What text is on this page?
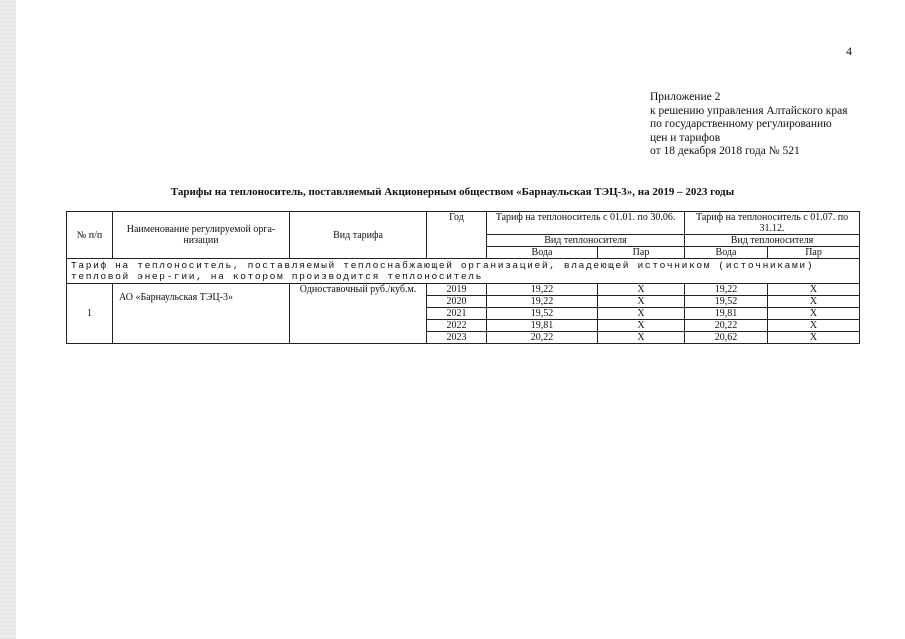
4
Приложение 2
к решению управления Алтайского края
по государственному регулированию
цен и тарифов
от 18 декабря 2018 года № 521
Тарифы на теплоноситель, поставляемый Акционерным обществом «Барнаульская ТЭЦ-3», на 2019 – 2023 годы
№ п/п	Наименование регулируемой орга-низации	Вид тарифа	Год	Тариф на теплоноситель с 01.01. по 30.06.		Тариф на теплоноситель с 01.07. по 31.12.	
				Вид теплоносителя		Вид теплоносителя	
				Вода	Пар	Вода	Пар
Тариф на теплоноситель, поставляемый теплоснабжающей организацией, владеющей источником (источниками) тепловой энер-гии, на котором производится теплоноситель							
1	АО «Барнаульская ТЭЦ-3»	Одноставочный руб./куб.м.	2019	19,22	Х	19,22	Х
			2020	19,22	Х	19,52	Х
			2021	19,52	Х	19,81	Х
			2022	19,81	Х	20,22	Х
			2023	20,22	Х	20,62	Х
